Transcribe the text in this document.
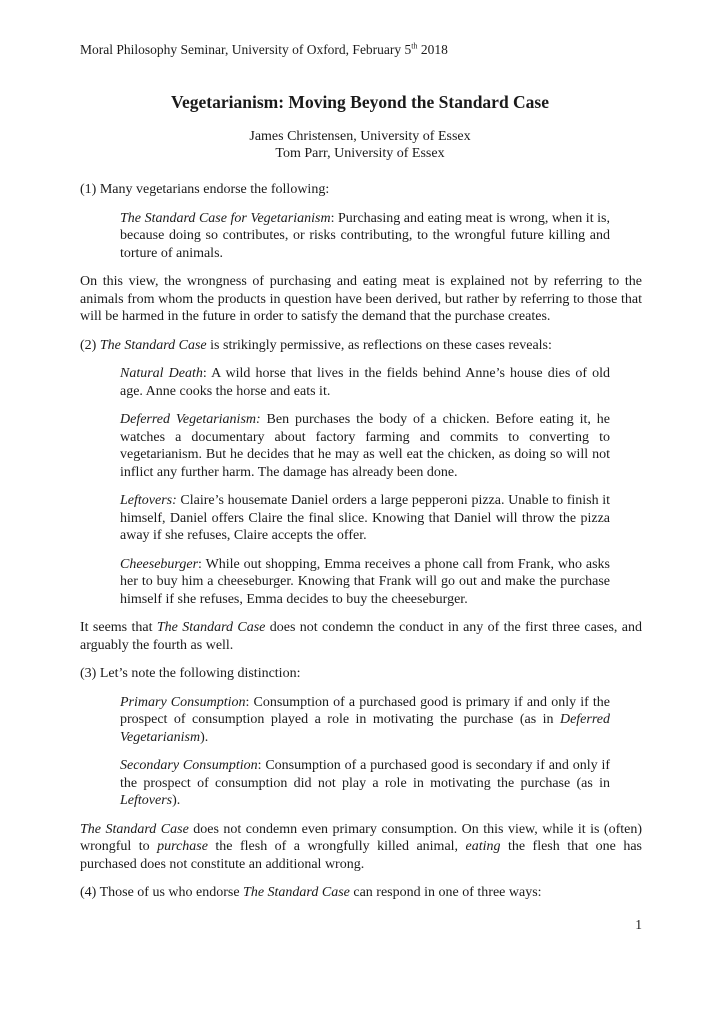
Moral Philosophy Seminar, University of Oxford, February 5th 2018
Vegetarianism: Moving Beyond the Standard Case
James Christensen, University of Essex
Tom Parr, University of Essex

(1) Many vegetarians endorse the following:

The Standard Case for Vegetarianism: Purchasing and eating meat is wrong, when it is, because doing so contributes, or risks contributing, to the wrongful future killing and torture of animals.

On this view, the wrongness of purchasing and eating meat is explained not by referring to the animals from whom the products in question have been derived, but rather by referring to those that will be harmed in the future in order to satisfy the demand that the purchase creates.

(2) The Standard Case is strikingly permissive, as reflections on these cases reveals:

Natural Death: A wild horse that lives in the fields behind Anne’s house dies of old age. Anne cooks the horse and eats it.

Deferred Vegetarianism: Ben purchases the body of a chicken. Before eating it, he watches a documentary about factory farming and commits to converting to vegetarianism. But he decides that he may as well eat the chicken, as doing so will not inflict any further harm. The damage has already been done.

Leftovers: Claire’s housemate Daniel orders a large pepperoni pizza. Unable to finish it himself, Daniel offers Claire the final slice. Knowing that Daniel will throw the pizza away if she refuses, Claire accepts the offer.

Cheeseburger: While out shopping, Emma receives a phone call from Frank, who asks her to buy him a cheeseburger. Knowing that Frank will go out and make the purchase himself if she refuses, Emma decides to buy the cheeseburger.

It seems that The Standard Case does not condemn the conduct in any of the first three cases, and arguably the fourth as well.

(3) Let’s note the following distinction:

Primary Consumption: Consumption of a purchased good is primary if and only if the prospect of consumption played a role in motivating the purchase (as in Deferred Vegetarianism).

Secondary Consumption: Consumption of a purchased good is secondary if and only if the prospect of consumption did not play a role in motivating the purchase (as in Leftovers).

The Standard Case does not condemn even primary consumption. On this view, while it is (often) wrongful to purchase the flesh of a wrongfully killed animal, eating the flesh that one has purchased does not constitute an additional wrong.

(4) Those of us who endorse The Standard Case can respond in one of three ways:

1
